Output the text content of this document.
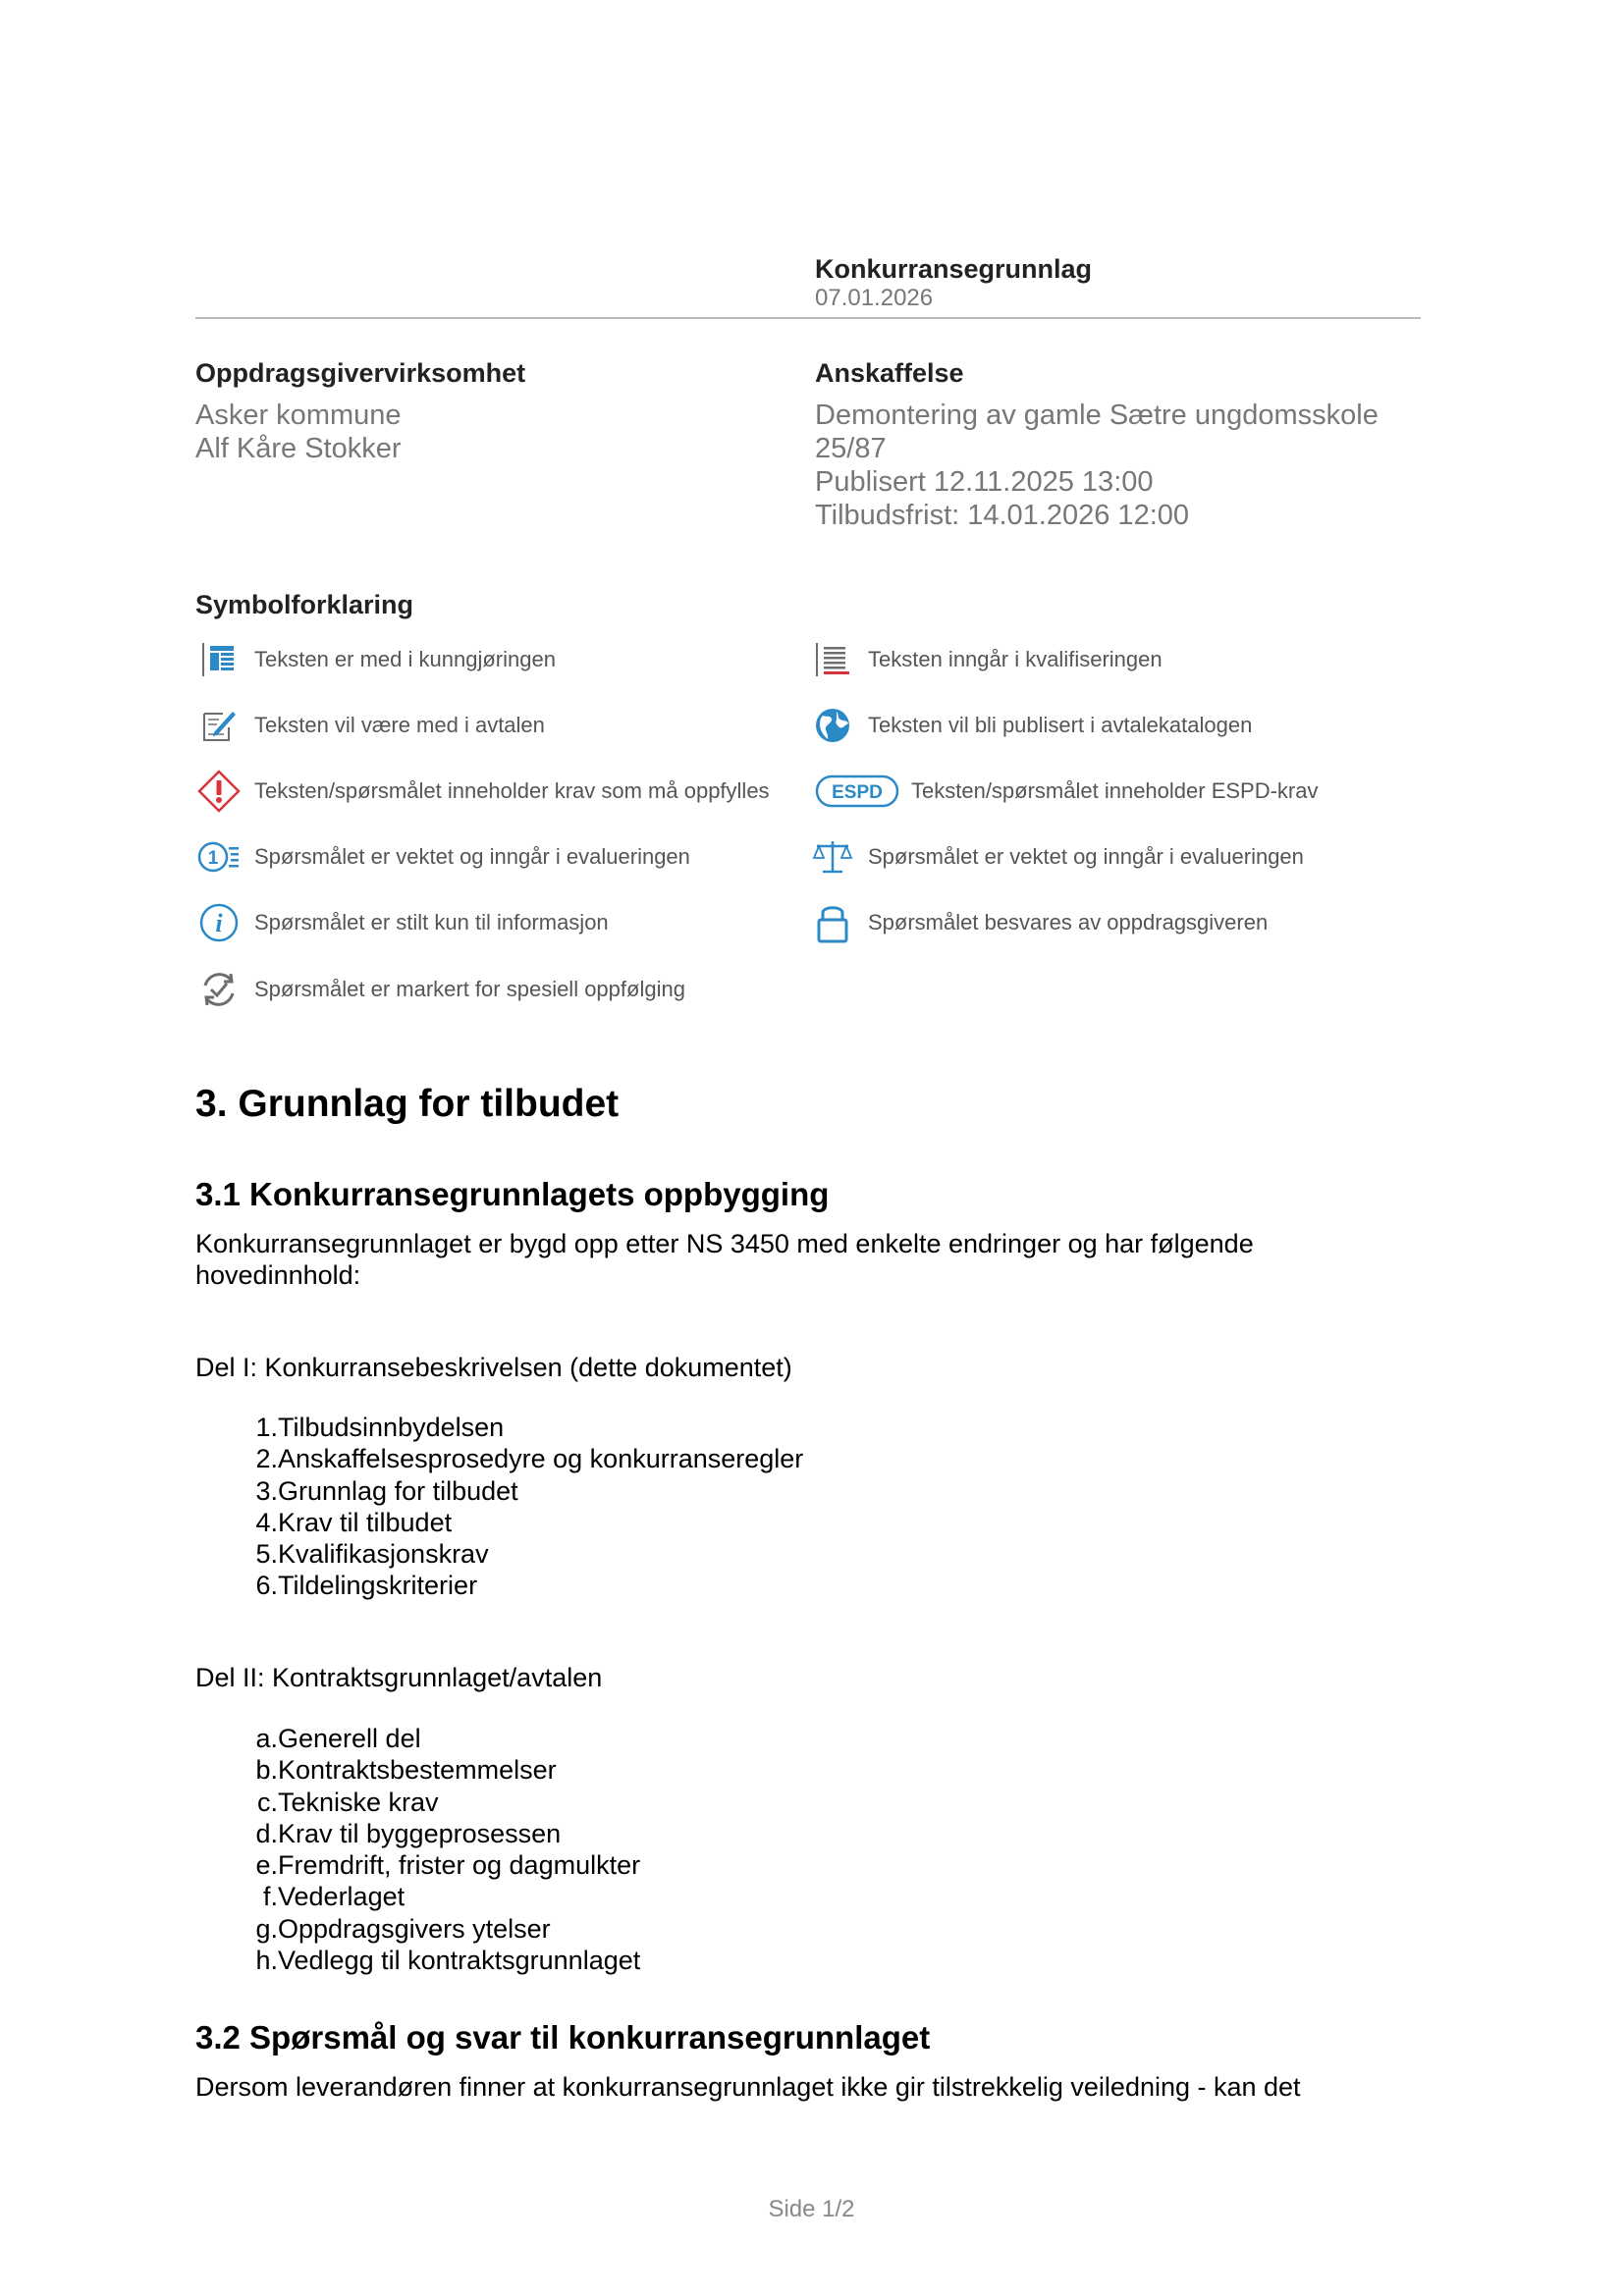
Konkurransegrunnlag
07.01.2026
Oppdragsgivervirksomhet
Asker kommune
Alf Kåre Stokker
Anskaffelse
Demontering av gamle Sætre ungdomsskole
25/87
Publisert 12.11.2025 13:00
Tilbudsfrist: 14.01.2026 12:00
Symbolforklaring
Teksten er med i kunngjøringen	Teksten inngår i kvalifiseringen
Teksten vil være med i avtalen	Teksten vil bli publisert i avtalekatalogen
Teksten/spørsmålet inneholder krav som må oppfylles	ESPD Teksten/spørsmålet inneholder ESPD-krav
1 Spørsmålet er vektet og inngår i evalueringen	Spørsmålet er vektet og inngår i evalueringen
i Spørsmålet er stilt kun til informasjon	Spørsmålet besvares av oppdragsgiveren
Spørsmålet er markert for spesiell oppfølging
3. Grunnlag for tilbudet
3.1 Konkurransegrunnlagets oppbygging
Konkurransegrunnlaget er bygd opp etter NS 3450 med enkelte endringer og har følgende
hovedinnhold:
Del I: Konkurransebeskrivelsen (dette dokumentet)
1. Tilbudsinnbydelsen
2. Anskaffelsesprosedyre og konkurranseregler
3. Grunnlag for tilbudet
4. Krav til tilbudet
5. Kvalifikasjonskrav
6. Tildelingskriterier
Del II: Kontraktsgrunnlaget/avtalen
a. Generell del
b. Kontraktsbestemmelser
c. Tekniske krav
d. Krav til byggeprosessen
e. Fremdrift, frister og dagmulkter
f. Vederlaget
g. Oppdragsgivers ytelser
h. Vedlegg til kontraktsgrunnlaget
3.2 Spørsmål og svar til konkurransegrunnlaget
Dersom leverandøren finner at konkurransegrunnlaget ikke gir tilstrekkelig veiledning - kan det
Side 1/2
